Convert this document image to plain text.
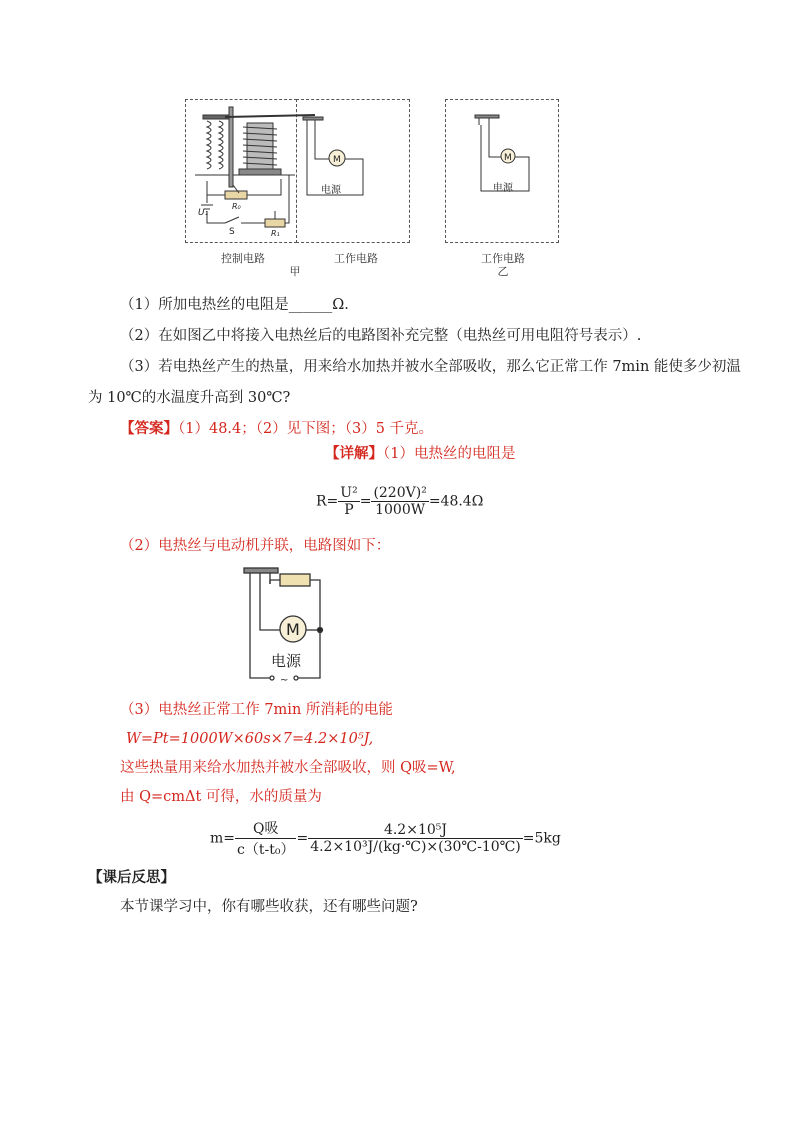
U₁
R₀
S	R₁
M
电源
控制电路	工作电路
甲
M
电源
工作电路
乙
（1）所加电热丝的电阻是______Ω.
（2）在如图乙中将接入电热丝后的电路图补充完整（电热丝可用电阻符号表示）.
（3）若电热丝产生的热量，用来给水加热并被水全部吸收，那么它正常工作 7min 能使多少初温
为 10℃的水温度升高到 30℃?
【答案】（1）48.4；（2）见下图；（3）5 千克。
【详解】（1）电热丝的电阻是
$R= \frac{\text{U²}}{P} = \frac{\text{(220V)²}}{1000W} =48.4\Omega$
（2）电热丝与电动机并联，电路图如下：
M
电源
~
（3）电热丝正常工作 7min 所消耗的电能
W=Pt=1000W×60s×7=4.2×10⁵J,
这些热量用来给水加热并被水全部吸收，则 Q吸=W,
由 Q=cmΔt 可得，水的质量为
$m= \frac{\text{Q吸}}{\text{c（t-t₀）}} = \frac{\text{4.2×10⁵J}}{\text{4.2×10³J/(kg·℃)×(30℃-10℃)}} =5kg$
【课后反思】
本节课学习中，你有哪些收获，还有哪些问题?
